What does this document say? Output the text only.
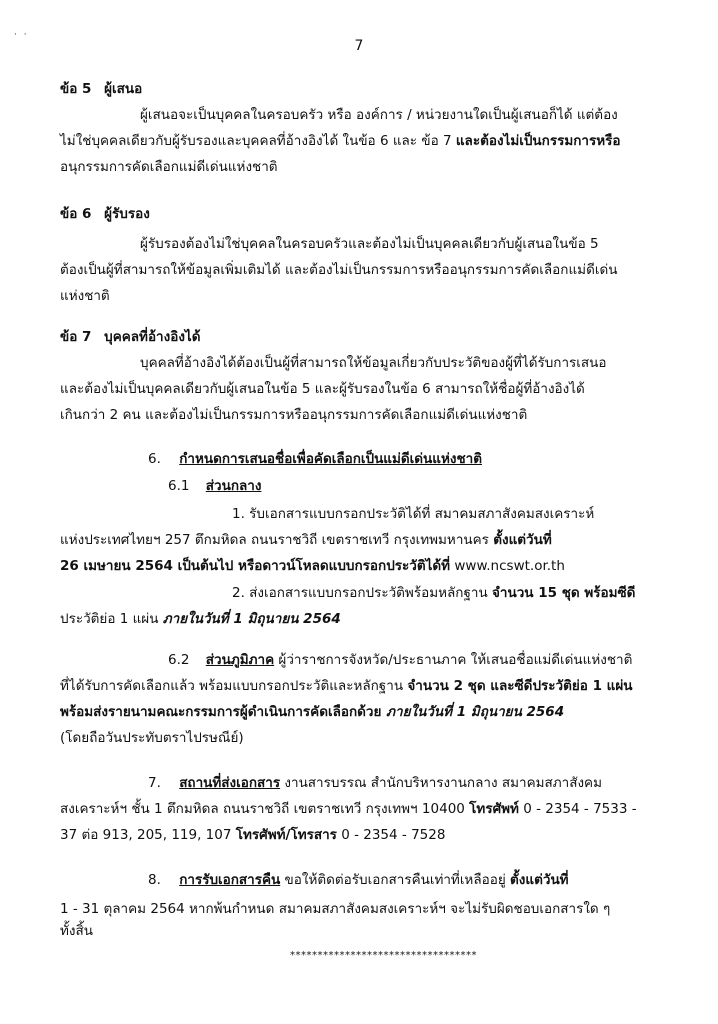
· ·
7
ข้อ 5 ผู้เสนอ
ผู้เสนอจะเป็นบุคคลในครอบครัว หรือ องค์การ / หน่วยงานใดเป็นผู้เสนอก็ได้ แต่ต้อง
ไม่ใช่บุคคลเดียวกับผู้รับรองและบุคคลที่อ้างอิงได้ ในข้อ 6 และ ข้อ 7 และต้องไม่เป็นกรรมการหรือ
อนุกรรมการคัดเลือกแม่ดีเด่นแห่งชาติ
ข้อ 6 ผู้รับรอง
ผู้รับรองต้องไม่ใช่บุคคลในครอบครัวและต้องไม่เป็นบุคคลเดียวกับผู้เสนอในข้อ 5
ต้องเป็นผู้ที่สามารถให้ข้อมูลเพิ่มเติมได้ และต้องไม่เป็นกรรมการหรืออนุกรรมการคัดเลือกแม่ดีเด่น
แห่งชาติ
ข้อ 7 บุคคลที่อ้างอิงได้
บุคคลที่อ้างอิงได้ต้องเป็นผู้ที่สามารถให้ข้อมูลเกี่ยวกับประวัติของผู้ที่ได้รับการเสนอ
และต้องไม่เป็นบุคคลเดียวกับผู้เสนอในข้อ 5 และผู้รับรองในข้อ 6 สามารถให้ชื่อผู้ที่อ้างอิงได้
เกินกว่า 2 คน และต้องไม่เป็นกรรมการหรืออนุกรรมการคัดเลือกแม่ดีเด่นแห่งชาติ
6. กำหนดการเสนอชื่อเพื่อคัดเลือกเป็นแม่ดีเด่นแห่งชาติ
6.1 ส่วนกลาง
1. รับเอกสารแบบกรอกประวัติได้ที่ สมาคมสภาสังคมสงเคราะห์
แห่งประเทศไทยฯ 257 ตึกมหิดล ถนนราชวิถี เขตราชเทวี กรุงเทพมหานคร ตั้งแต่วันที่
26 เมษายน 2564 เป็นต้นไป หรือดาวน์โหลดแบบกรอกประวัติได้ที่ www.ncswt.or.th
2. ส่งเอกสารแบบกรอกประวัติพร้อมหลักฐาน จำนวน 15 ชุด พร้อมซีดี
ประวัติย่อ 1 แผ่น ภายในวันที่ 1 มิถุนายน 2564
6.2 ส่วนภูมิภาค ผู้ว่าราชการจังหวัด/ประธานภาค ให้เสนอชื่อแม่ดีเด่นแห่งชาติ
ที่ได้รับการคัดเลือกแล้ว พร้อมแบบกรอกประวัติและหลักฐาน จำนวน 2 ชุด และซีดีประวัติย่อ 1 แผ่น
พร้อมส่งรายนามคณะกรรมการผู้ดำเนินการคัดเลือกด้วย ภายในวันที่ 1 มิถุนายน 2564
(โดยถือวันประทับตราไปรษณีย์)
7. สถานที่ส่งเอกสาร งานสารบรรณ สำนักบริหารงานกลาง สมาคมสภาสังคม
สงเคราะห์ฯ ชั้น 1 ตึกมหิดล ถนนราชวิถี เขตราชเทวี กรุงเทพฯ 10400 โทรศัพท์ 0 - 2354 - 7533 -
37 ต่อ 913, 205, 119, 107 โทรศัพท์/โทรสาร 0 - 2354 - 7528
8. การรับเอกสารคืน ขอให้ติดต่อรับเอกสารคืนเท่าที่เหลืออยู่ ตั้งแต่วันที่
1 - 31 ตุลาคม 2564 หากพ้นกำหนด สมาคมสภาสังคมสงเคราะห์ฯ จะไม่รับผิดชอบเอกสารใด ๆ
ทั้งสิ้น
**********************************
